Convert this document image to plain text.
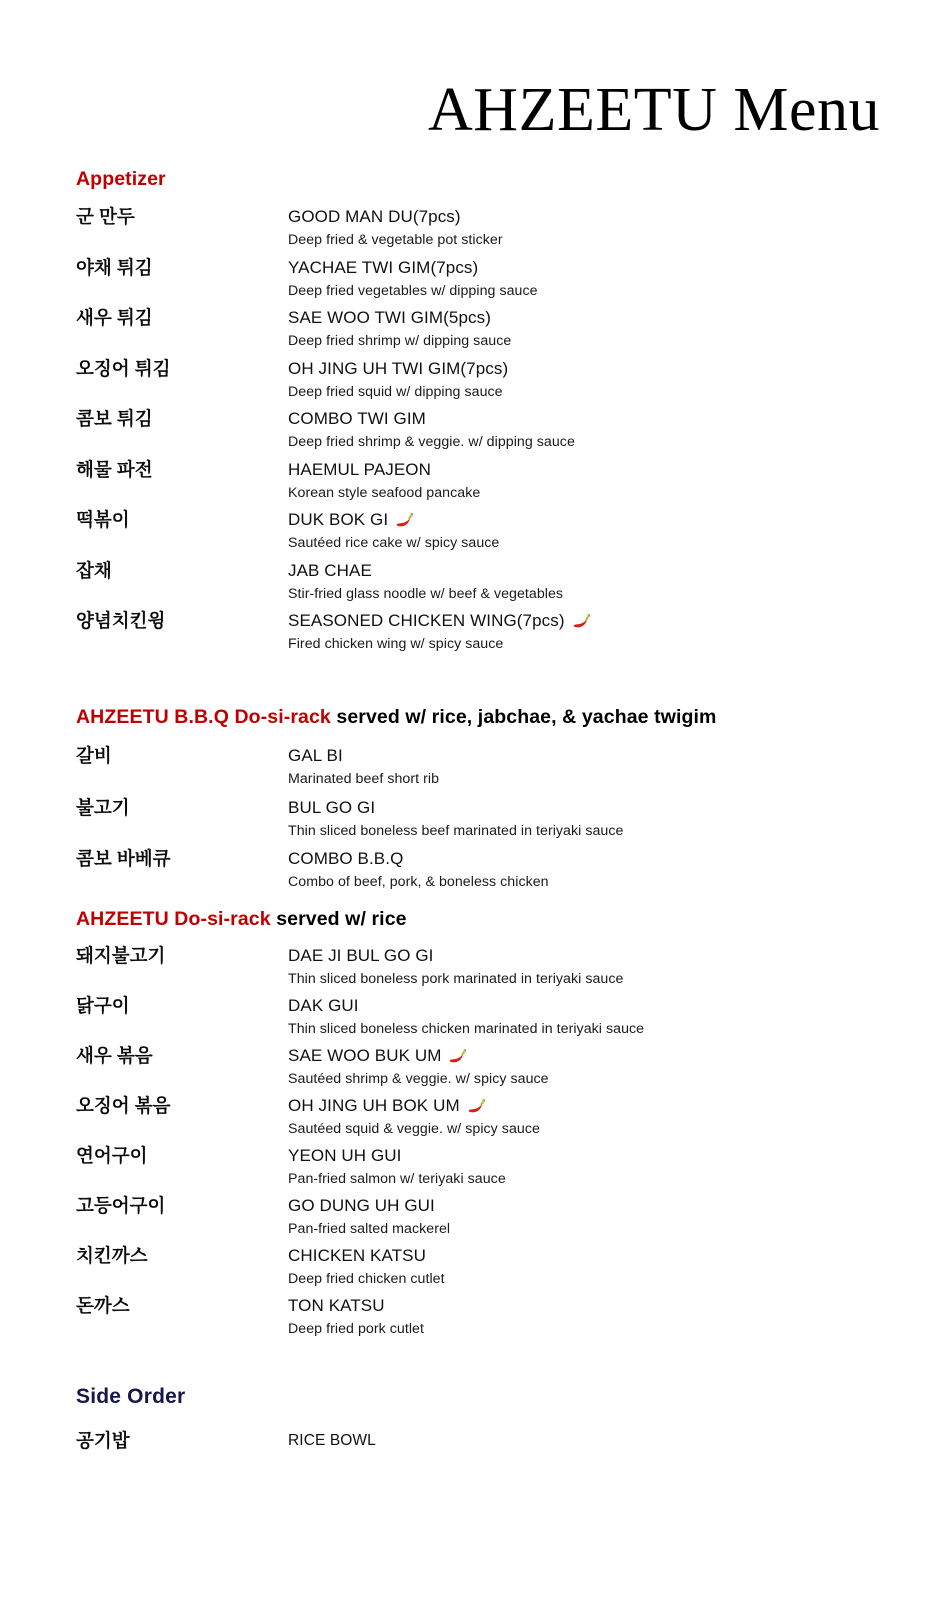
AHZEETU Menu
Appetizer
군 만두	GOOD MAN DU(7pcs)
Deep fried & vegetable pot sticker
야채 튀김	YACHAE TWI GIM(7pcs)
Deep fried vegetables w/ dipping sauce
새우 튀김	SAE WOO TWI GIM(5pcs)
Deep fried shrimp w/ dipping sauce
오징어 튀김	OH JING UH TWI GIM(7pcs)
Deep fried squid w/ dipping sauce
콤보 튀김	COMBO TWI GIM
Deep fried shrimp & veggie. w/ dipping sauce
해물 파전	HAEMUL PAJEON
Korean style seafood pancake
떡볶이	DUK BOK GI
Sautéed rice cake w/ spicy sauce
잡채	JAB CHAE
Stir-fried glass noodle w/ beef & vegetables
양념치킨윙	SEASONED CHICKEN WING(7pcs)
Fired chicken wing w/ spicy sauce
AHZEETU B.B.Q Do-si-rack served w/ rice, jabchae, & yachae twigim
갈비	GAL BI
Marinated beef short rib
불고기	BUL GO GI
Thin sliced boneless beef marinated in teriyaki sauce
콤보 바베큐	COMBO B.B.Q
Combo of beef, pork, & boneless chicken
AHZEETU Do-si-rack served w/ rice
돼지불고기	DAE JI BUL GO GI
Thin sliced boneless pork marinated in teriyaki sauce
닭구이	DAK GUI
Thin sliced boneless chicken marinated in teriyaki sauce
새우 볶음	SAE WOO BUK UM
Sautéed shrimp & veggie. w/ spicy sauce
오징어 볶음	OH JING UH BOK UM
Sautéed squid & veggie. w/ spicy sauce
연어구이	YEON UH GUI
Pan-fried salmon w/ teriyaki sauce
고등어구이	GO DUNG UH GUI
Pan-fried salted mackerel
치킨까스	CHICKEN KATSU
Deep fried chicken cutlet
돈까스	TON KATSU
Deep fried pork cutlet
Side Order
공기밥	RICE BOWL
